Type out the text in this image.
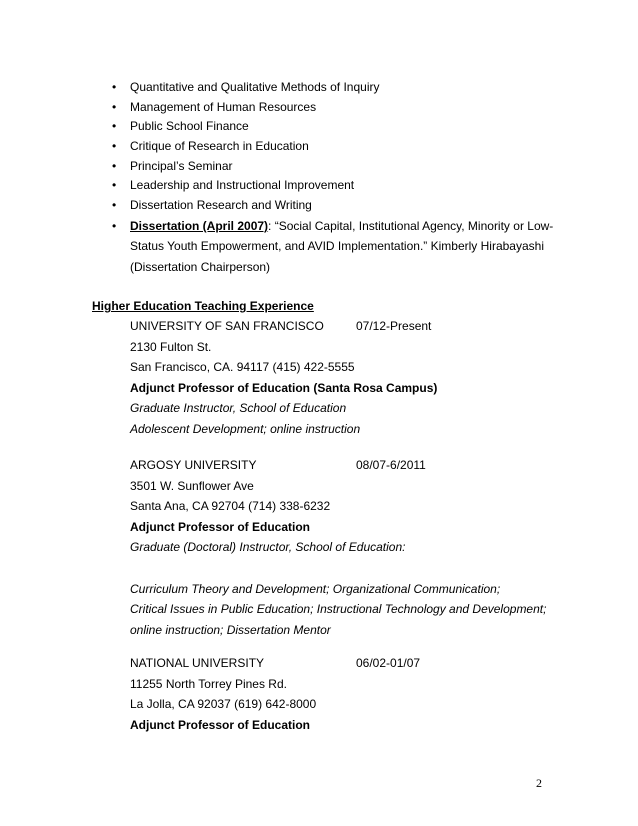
• Quantitative and Qualitative Methods of Inquiry
• Management of Human Resources
• Public School Finance
• Critique of Research in Education
• Principal’s Seminar
• Leadership and Instructional Improvement
• Dissertation Research and Writing
• Dissertation (April 2007): “Social Capital, Institutional Agency, Minority or Low-
Status Youth Empowerment, and AVID Implementation.” Kimberly Hirabayashi
(Dissertation Chairperson)
Higher Education Teaching Experience
UNIVERSITY OF SAN FRANCISCO	07/12-Present
2130 Fulton St.
San Francisco, CA. 94117 (415) 422-5555
Adjunct Professor of Education (Santa Rosa Campus)
Graduate Instructor, School of Education
Adolescent Development; online instruction
ARGOSY UNIVERSITY	08/07-6/2011
3501 W. Sunflower Ave
Santa Ana, CA 92704 (714) 338-6232
Adjunct Professor of Education
Graduate (Doctoral) Instructor, School of Education:
Curriculum Theory and Development; Organizational Communication;
Critical Issues in Public Education; Instructional Technology and Development;
online instruction; Dissertation Mentor
NATIONAL UNIVERSITY	06/02-01/07
11255 North Torrey Pines Rd.
La Jolla, CA 92037 (619) 642-8000
Adjunct Professor of Education
2
